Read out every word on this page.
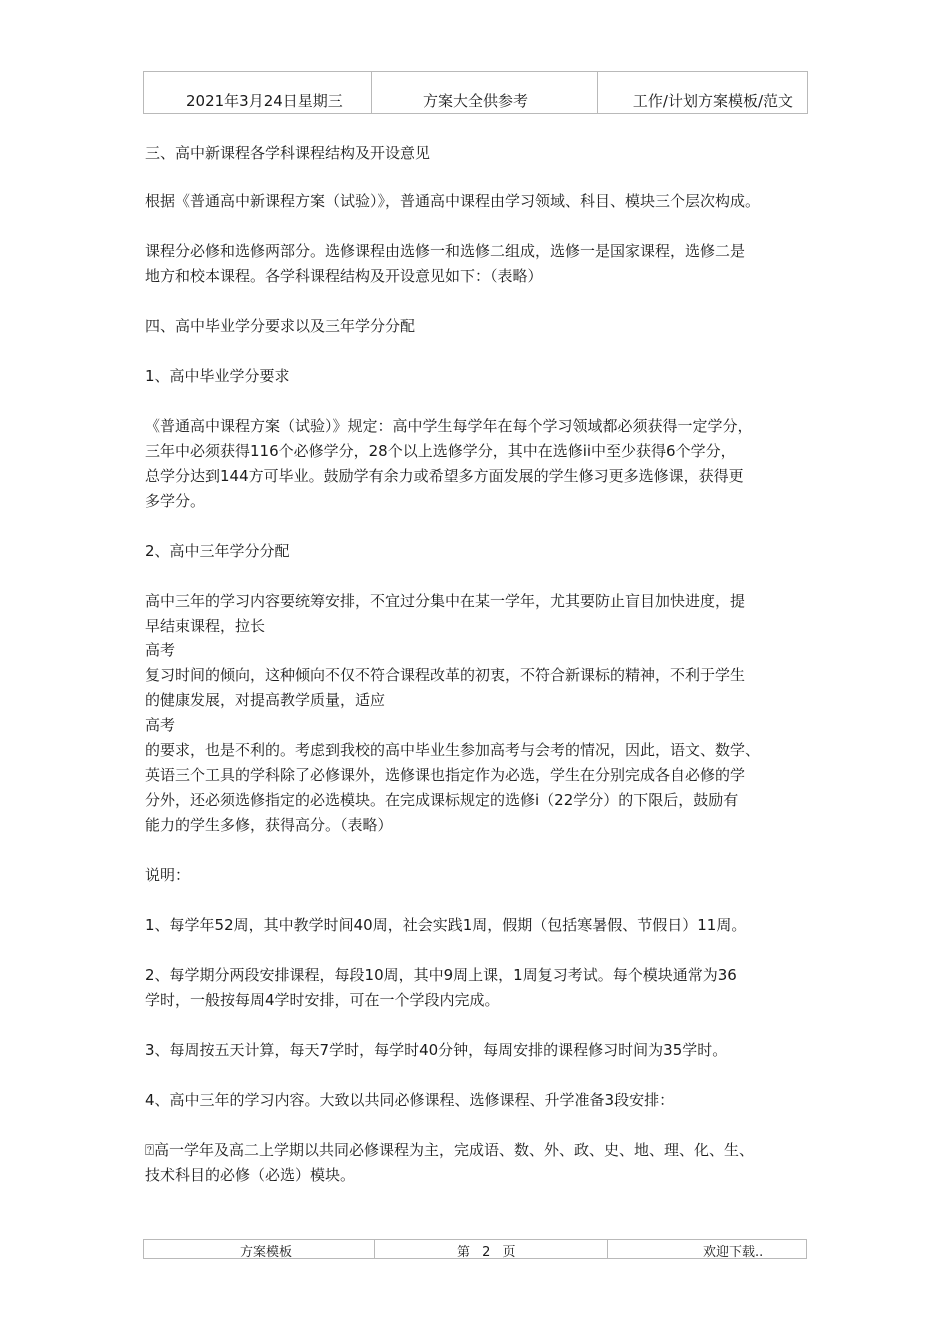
2021年3月24日星期三	方案大全供参考	工作/计划方案模板/范文
三、高中新课程各学科课程结构及开设意见
根据《普通高中新课程方案（试验）》，普通高中课程由学习领域、科目、模块三个层次构成。
课程分必修和选修两部分。选修课程由选修一和选修二组成，选修一是国家课程，选修二是
地方和校本课程。各学科课程结构及开设意见如下：（表略）
四、高中毕业学分要求以及三年学分分配
1、高中毕业学分要求
《普通高中课程方案（试验）》规定：高中学生每学年在每个学习领域都必须获得一定学分，
三年中必须获得116个必修学分，28个以上选修学分，其中在选修ii中至少获得6个学分，
总学分达到144方可毕业。鼓励学有余力或希望多方面发展的学生修习更多选修课，获得更
多学分。
2、高中三年学分分配
高中三年的学习内容要统筹安排，不宜过分集中在某一学年，尤其要防止盲目加快进度，提
早结束课程，拉长
高考
复习时间的倾向，这种倾向不仅不符合课程改革的初衷，不符合新课标的精神，不利于学生
的健康发展，对提高教学质量，适应
高考
的要求，也是不利的。考虑到我校的高中毕业生参加高考与会考的情况，因此，语文、数学、
英语三个工具的学科除了必修课外，选修课也指定作为必选，学生在分别完成各自必修的学
分外，还必须选修指定的必选模块。在完成课标规定的选修i（22学分）的下限后，鼓励有
能力的学生多修，获得高分。（表略）
说明：
1、每学年52周，其中教学时间40周，社会实践1周，假期（包括寒暑假、节假日）11周。
2、每学期分两段安排课程，每段10周，其中9周上课，1周复习考试。每个模块通常为36
学时，一般按每周4学时安排，可在一个学段内完成。
3、每周按五天计算，每天7学时，每学时40分钟，每周安排的课程修习时间为35学时。
4、高中三年的学习内容。大致以共同必修课程、选修课程、升学准备3段安排：
⍰高一学年及高二上学期以共同必修课程为主，完成语、数、外、政、史、地、理、化、生、
技术科目的必修（必选）模块。
方案模板	第 2 页	欢迎下载..
